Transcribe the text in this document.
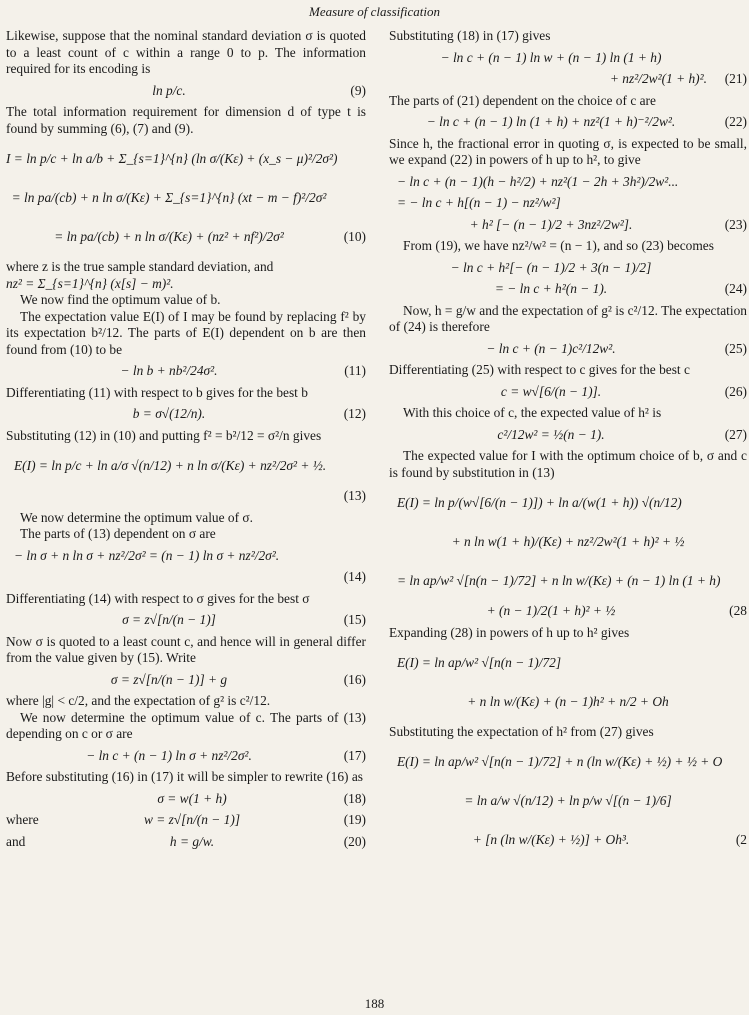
Measure of classification

Likewise, suppose that the nominal standard deviation σ is quoted to a least count of c within a range 0 to p. The information required for its encoding is

ln p/c.	(9)

The total information requirement for dimension d of type t is found by summing (6), (7) and (9).

I = ln p/c + ln a/b + Σ_{s=1}^{n} (ln σ/(Kε) + (x_s − μ)²/2σ²)
= ln pa/(cb) + n ln σ/(Kε) + Σ_{s=1}^{n} (xt − m − f)²/2σ²
= ln pa/(cb) + n ln σ/(Kε) + (nz² + nf²)/2σ²	(10)

where z is the true sample standard deviation, and

nz² = Σ_{s=1}^{n} (x[s] − m)².

We now find the optimum value of b.

The expectation value E(I) of I may be found by replacing f² by its expectation b²/12. The parts of E(I) dependent on b are then found from (10) to be

− ln b + nb²/24σ².	(11)

Differentiating (11) with respect to b gives for the best b

b = σ√(12/n).	(12)

Substituting (12) in (10) and putting f² = b²/12 = σ²/n gives

E(I) = ln p/c + ln a/σ √(n/12) + n ln σ/(Kε) + nz²/2σ² + ½.
(13)

We now determine the optimum value of σ.

The parts of (13) dependent on σ are

− ln σ + n ln σ + nz²/2σ² = (n − 1) ln σ + nz²/2σ².
(14)

Differentiating (14) with respect to σ gives for the best σ

σ = z√[n/(n − 1)]	(15)

Now σ is quoted to a least count c, and hence will in general differ from the value given by (15). Write

σ = z√[n/(n − 1)] + g	(16)

where |g| < c/2, and the expectation of g² is c²/12.

We now determine the optimum value of c. The parts of (13) depending on c or σ are

− ln c + (n − 1) ln σ + nz²/2σ².	(17)

Before substituting (16) in (17) it will be simpler to rewrite (16) as

σ = w(1 + h)	(18)
where	w = z√[n/(n − 1)]	(19)
and	h = g/w.	(20)

Substituting (18) in (17) gives

− ln c + (n − 1) ln w + (n − 1) ln (1 + h)
+ nz²/2w²(1 + h)².	(21)

The parts of (21) dependent on the choice of c are

− ln c + (n − 1) ln (1 + h) + nz²(1 + h)⁻²/2w².	(22)

Since h, the fractional error in quoting σ, is expected to be small, we expand (22) in powers of h up to h², to give

− ln c + (n − 1)(h − h²/2) + nz²(1 − 2h + 3h²)/2w²...
= − ln c + h[(n − 1) − nz²/w²]
+ h² [− (n − 1)/2 + 3nz²/2w²].	(23)

From (19), we have nz²/w² = (n − 1), and so (23) becomes

− ln c + h²[− (n − 1)/2 + 3(n − 1)/2]
= − ln c + h²(n − 1).	(24)

Now, h = g/w and the expectation of g² is c²/12. The expectation of (24) is therefore

− ln c + (n − 1)c²/12w².	(25)

Differentiating (25) with respect to c gives for the best c

c = w√[6/(n − 1)].	(26)

With this choice of c, the expected value of h² is

c²/12w² = ½(n − 1).	(27)

The expected value for I with the optimum choice of b, σ and c is found by substitution in (13)

E(I) = ln p/(w√[6/(n − 1)]) + ln a/(w(1 + h)) √(n/12)
+ n ln w(1 + h)/(Kε) + nz²/2w²(1 + h)² + ½
= ln ap/w² √[n(n − 1)/72] + n ln w/(Kε) + (n − 1) ln (1 + h)
+ (n − 1)/2(1 + h)² + ½	(28

Expanding (28) in powers of h up to h² gives

E(I) = ln ap/w² √[n(n − 1)/72]
+ n ln w/(Kε) + (n − 1)h² + n/2 + Oh

Substituting the expectation of h² from (27) gives

E(I) = ln ap/w² √[n(n − 1)/72] + n (ln w/(Kε) + ½) + ½ + O
= ln a/w √(n/12) + ln p/w √[(n − 1)/6]
+ [n (ln w/(Kε) + ½)] + Oh³.	(2
188
